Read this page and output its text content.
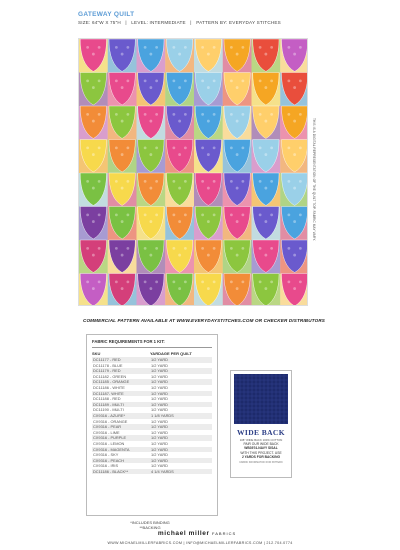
GATEWAY QUILT
SIZE: 64"W X 75"H | LEVEL: INTERMEDIATE | PATTERN BY: EVERYDAY STITCHES
THIS IS A DIGITAL REPRESENTATION OF THE QUILT TOP. FABRIC MAY VARY.
COMMERCIAL PATTERN AVAILABLE AT WWW.EVERYDAYSTITCHES.COM OR CHECKER DISTRIBUTORS
FABRIC REQUIREMENTS FOR 1 KIT:
SKU	YARDAGE PER QUILT
DC11177 - RED	1/2 YARD
DC11178 - BLUE	1/2 YARD
DC11179 - RED	1/2 YARD
DC11182 - GREEN	1/2 YARD
DC11185 - ORANGE	1/2 YARD
DC11186 - WHITE	1/2 YARD
DC11187- WHITE	1/2 YARD
DC11188 - RED	1/2 YARD
DC11189 - MULTI	1/2 YARD
DC11190 - MULTI	1/2 YARD
CX9316 - AZURE*	1 1/8 YARDS
CX9316 - ORANGE	1/2 YARD
CX9316 - PEAR	1/2 YARD
CX9316 - LIME	1/2 YARD
CX9316 - PURPLE	1/2 YARD
CX9316 - LEMON	1/2 YARD
CX9316 - MAGENTA	1/2 YARD
CX9316 - SKY	1/2 YARD
CX9316 - PEACH	1/2 YARD
CX9316 - IRIS	1/2 YARD
DC11186 - BLACK**	4 1/4 YARDS
*INCLUDES BINDING
**BACKING
WIDE BACK
108" WIDE BACK 100% COTTON
PAIR OUR WIDE BACK
WB3974-NAVY SISAL
WITH THIS PROJECT. USE
2 YARDS FOR BACKING
FABRIC INFORMATION FOR PATTERN
michael miller FABRICS
WWW.MICHAELMILLERFABRICS.COM | INFO@MICHAELMILLERFABRICS.COM | 212.704.0774
